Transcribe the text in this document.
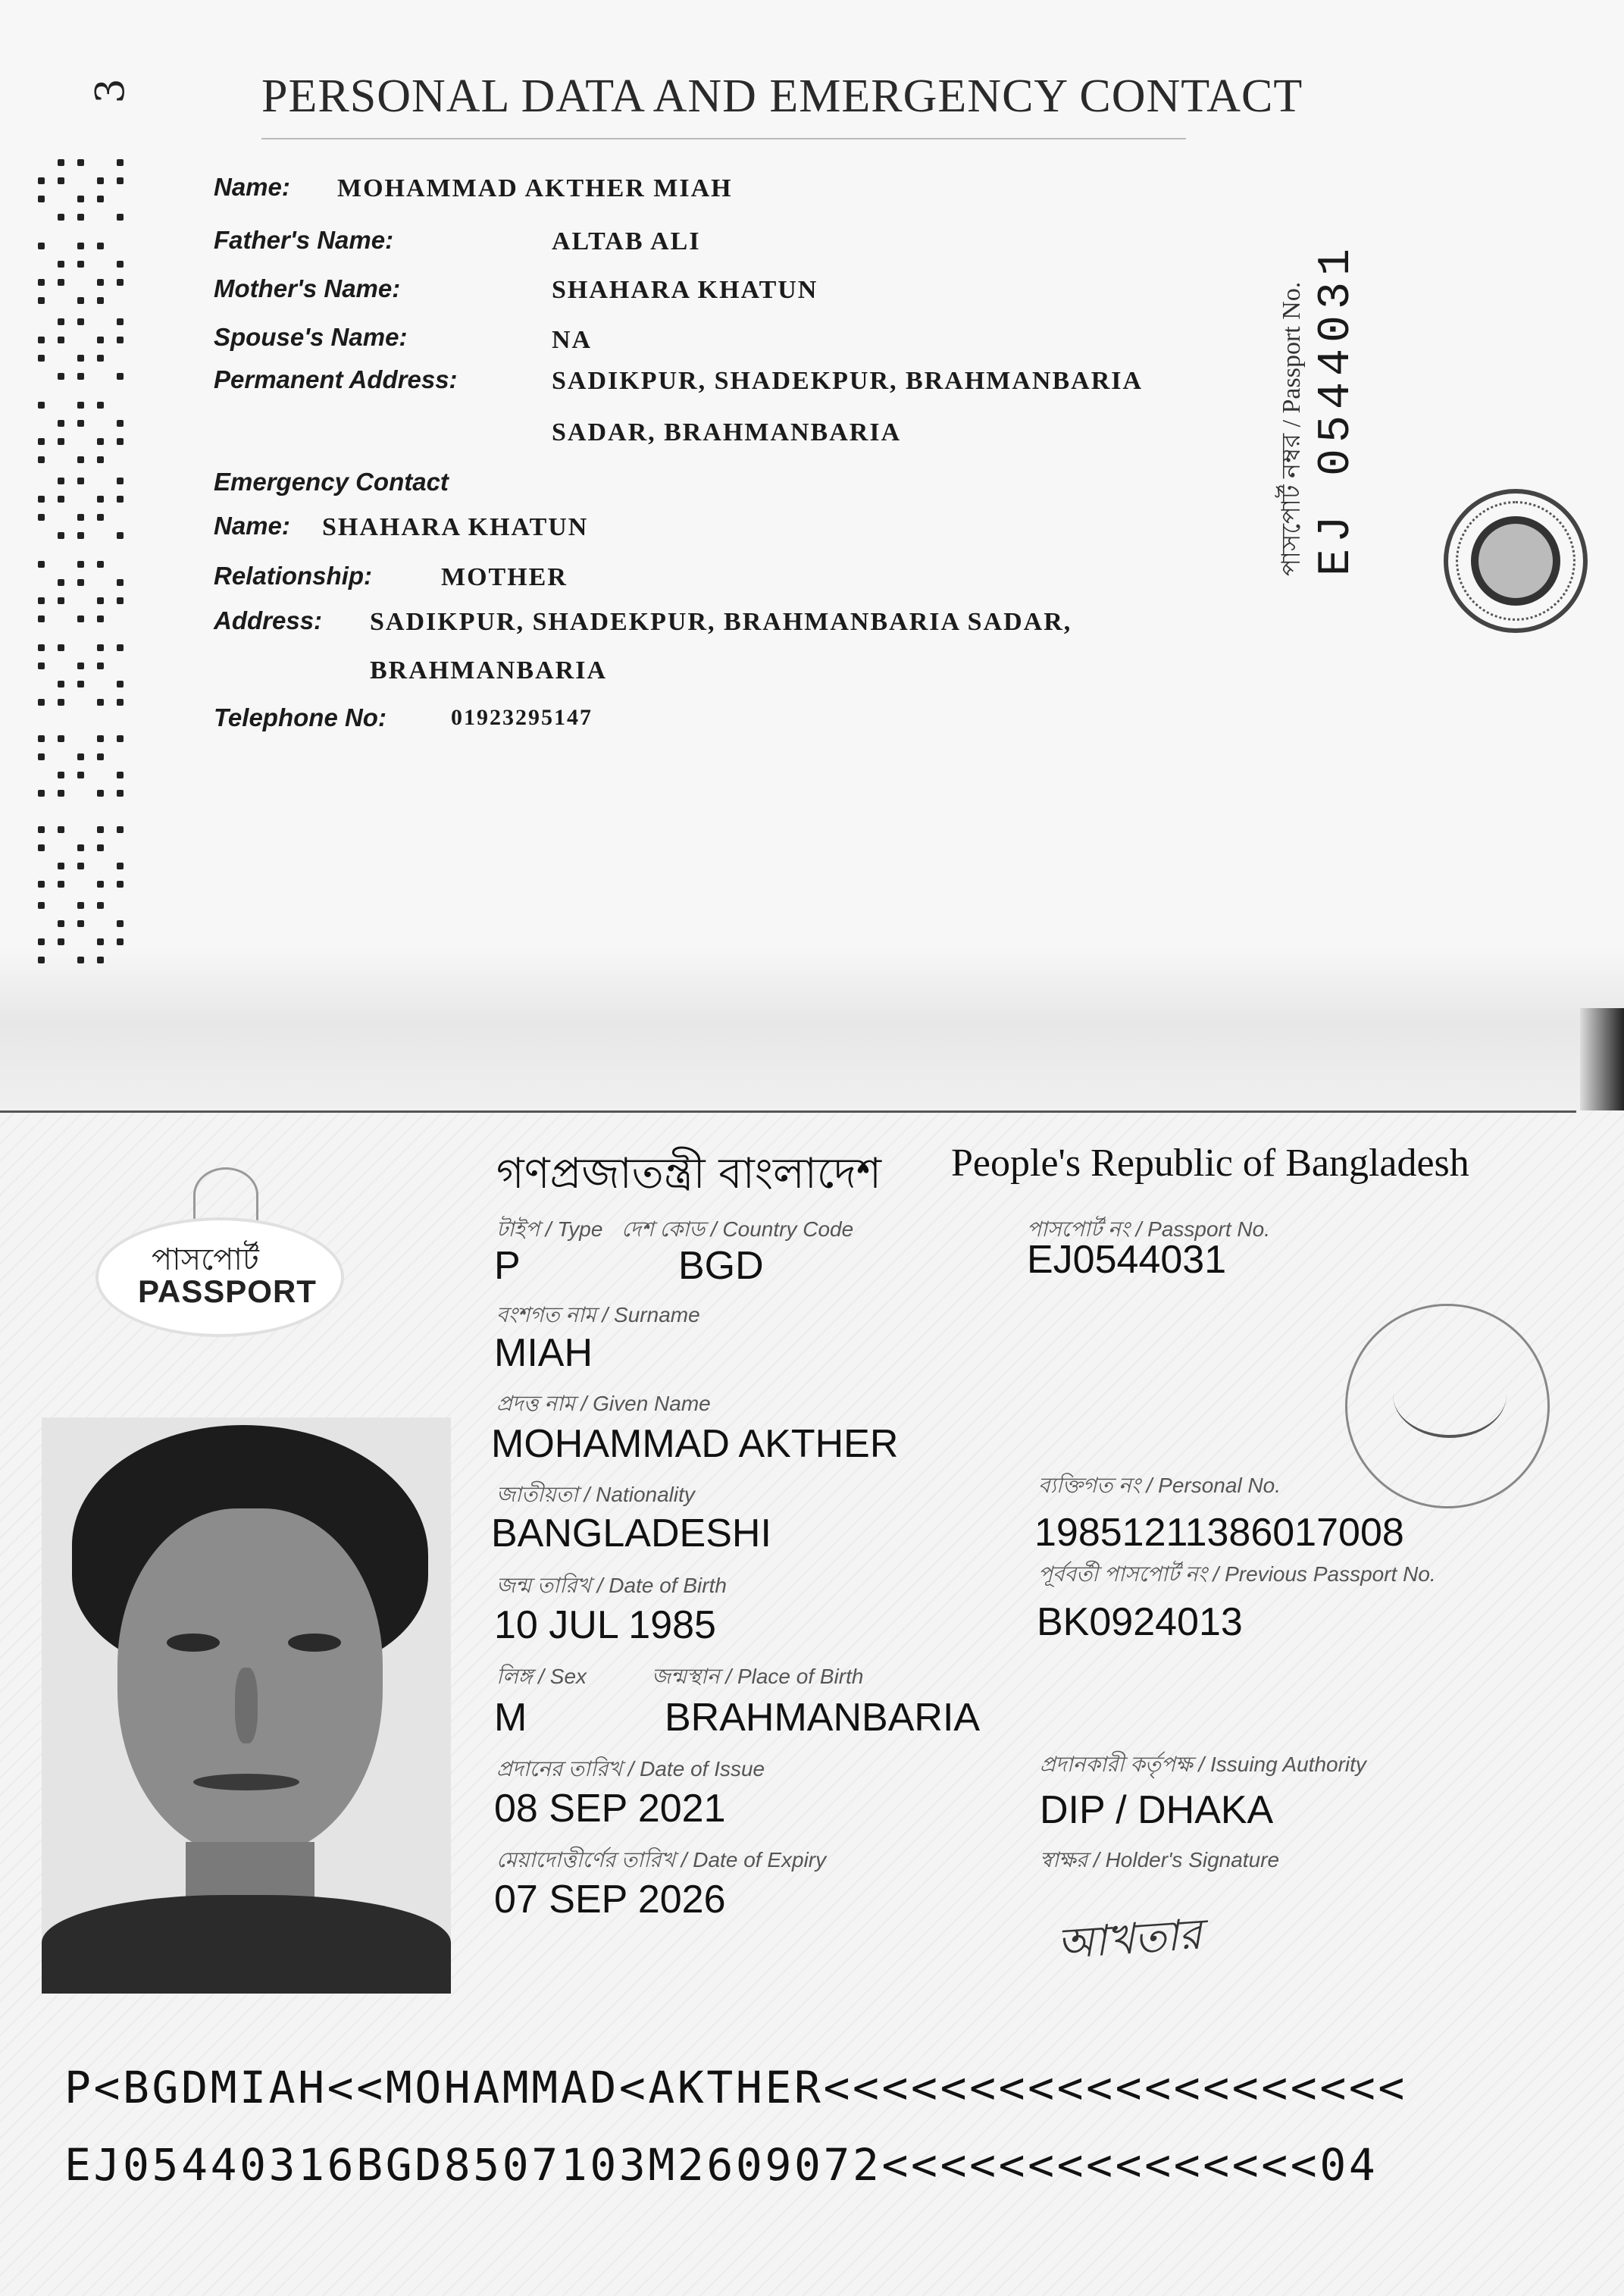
3	PERSONAL DATA AND EMERGENCY CONTACT
Name: MOHAMMAD AKTHER MIAH
Father's Name:	ALTAB ALI
Mother's Name:	SHAHARA KHATUN
Spouse's Name:	NA
Permanent Address:	SADIKPUR, SHADEKPUR, BRAHMANBARIA
SADAR, BRAHMANBARIA
Emergency Contact
Name: SHAHARA KHATUN
Relationship:	MOTHER
Address: SADIKPUR, SHADEKPUR, BRAHMANBARIA SADAR,
BRAHMANBARIA
Telephone No:	01923295147
পাসপোর্ট নম্বর / Passport No. EJ 0544031
পাসপোর্ট
PASSPORT
গণপ্রজাতন্ত্রী বাংলাদেশ People's Republic of Bangladesh
টাইপ / Type
P
দেশ কোড / Country Code
BGD
পাসপোর্ট নং / Passport No.
EJ0544031
বংশগত নাম / Surname
MIAH
প্রদত্ত নাম / Given Name
MOHAMMAD AKTHER
জাতীয়তা / Nationality
BANGLADESHI
ব্যক্তিগত নং / Personal No.
19851211386017008
জন্ম তারিখ / Date of Birth
10 JUL 1985
পূর্ববর্তী পাসপোর্ট নং / Previous Passport No.
BK0924013
লিঙ্গ / Sex
M
জন্মস্থান / Place of Birth
BRAHMANBARIA
প্রদানের তারিখ / Date of Issue
08 SEP 2021
প্রদানকারী কর্তৃপক্ষ / Issuing Authority
DIP / DHAKA
মেয়াদোত্তীর্ণের তারিখ / Date of Expiry
07 SEP 2026
স্বাক্ষর / Holder's Signature
আখতার
P<BGDMIAH<<MOHAMMAD<AKTHER<<<<<<<<<<<<<<<<<<<<
EJ05440316BGD8507103M2609072<<<<<<<<<<<<<<<04
